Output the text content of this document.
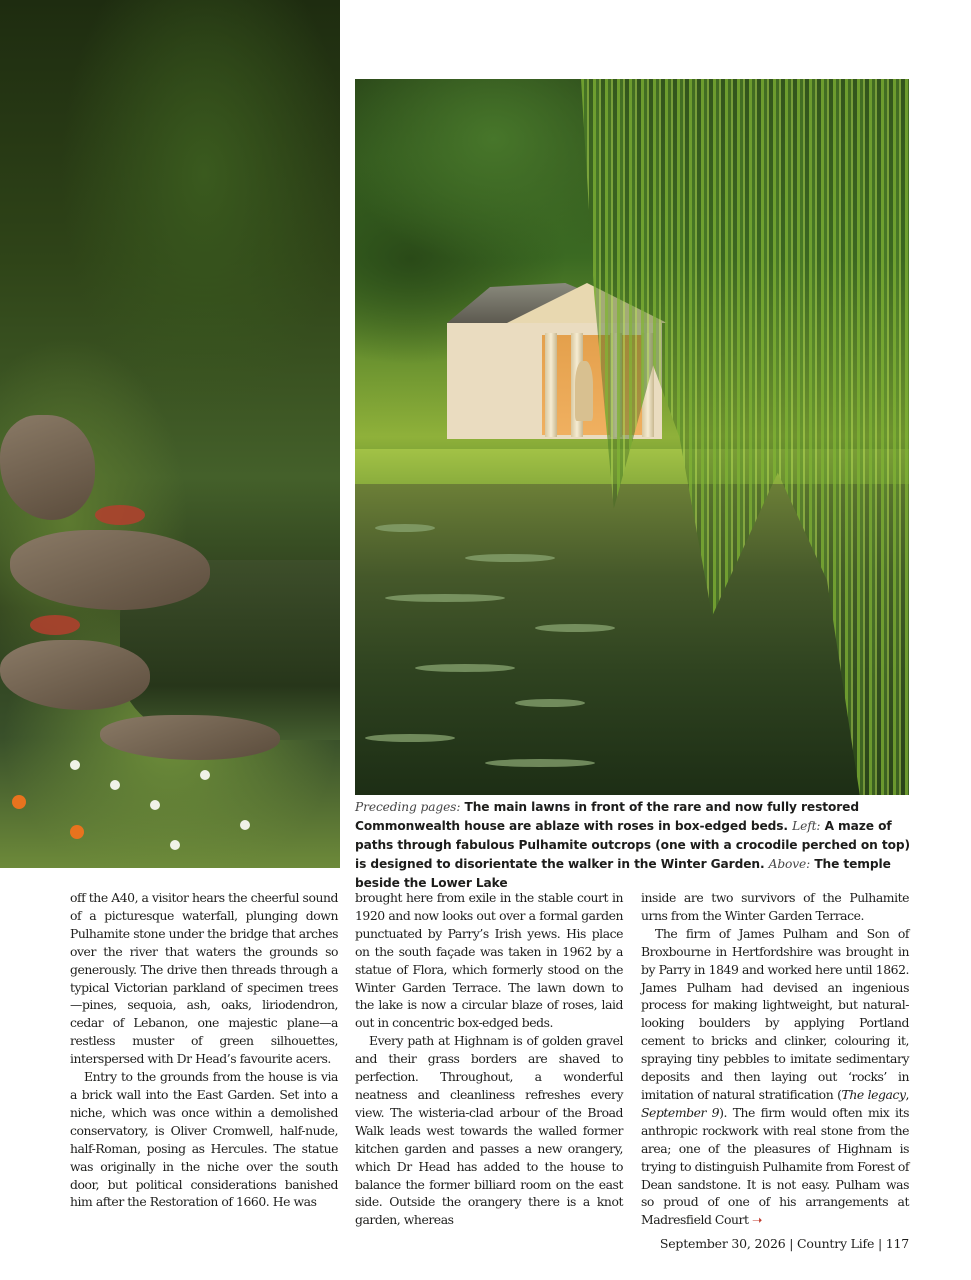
Preceding pages: The main lawns in front of the rare and now fully restored Commonwealth house are ablaze with roses in box-edged beds. Left: A maze of paths through fabulous Pulhamite outcrops (one with a crocodile perched on top) is designed to disorientate the walker in the Winter Garden. Above: The temple beside the Lower Lake

off the A40, a visitor hears the cheerful sound of a picturesque waterfall, plunging down Pulhamite stone under the bridge that arches over the river that waters the grounds so generously. The drive then threads through a typical Victorian parkland of specimen trees—pines, sequoia, ash, oaks, liriodendron, cedar of Lebanon, one majestic plane—a restless muster of green silhouettes, interspersed with Dr Head’s favourite acers.

Entry to the grounds from the house is via a brick wall into the East Garden. Set into a niche, which was once within a demolished conservatory, is Oliver Cromwell, half-nude, half-Roman, posing as Hercules. The statue was originally in the niche over the south door, but political considerations banished him after the Restoration of 1660. He was

brought here from exile in the stable court in 1920 and now looks out over a formal garden punctuated by Parry’s Irish yews. His place on the south façade was taken in 1962 by a statue of Flora, which formerly stood on the Winter Garden Terrace. The lawn down to the lake is now a circular blaze of roses, laid out in concentric box-edged beds.

Every path at Highnam is of golden gravel and their grass borders are shaved to perfection. Throughout, a wonderful neatness and cleanliness refreshes every view. The wisteria-clad arbour of the Broad Walk leads west towards the walled former kitchen garden and passes a new orangery, which Dr Head has added to the house to balance the former billiard room on the east side. Outside the orangery there is a knot garden, whereas

inside are two survivors of the Pulhamite urns from the Winter Garden Terrace.

The firm of James Pulham and Son of Broxbourne in Hertfordshire was brought in by Parry in 1849 and worked here until 1862. James Pulham had devised an ingenious process for making lightweight, but natural-looking boulders by applying Portland cement to bricks and clinker, colouring it, spraying tiny pebbles to imitate sedimentary deposits and then laying out ‘rocks’ in imitation of natural stratification (The legacy, September 9). The firm would often mix its anthropic rockwork with real stone from the area; one of the pleasures of Highnam is trying to distinguish Pulhamite from Forest of Dean sandstone. It is not easy. Pulham was so proud of one of his arrangements at Madresfield Court ➝

September 30, 2026 | Country Life | 117
